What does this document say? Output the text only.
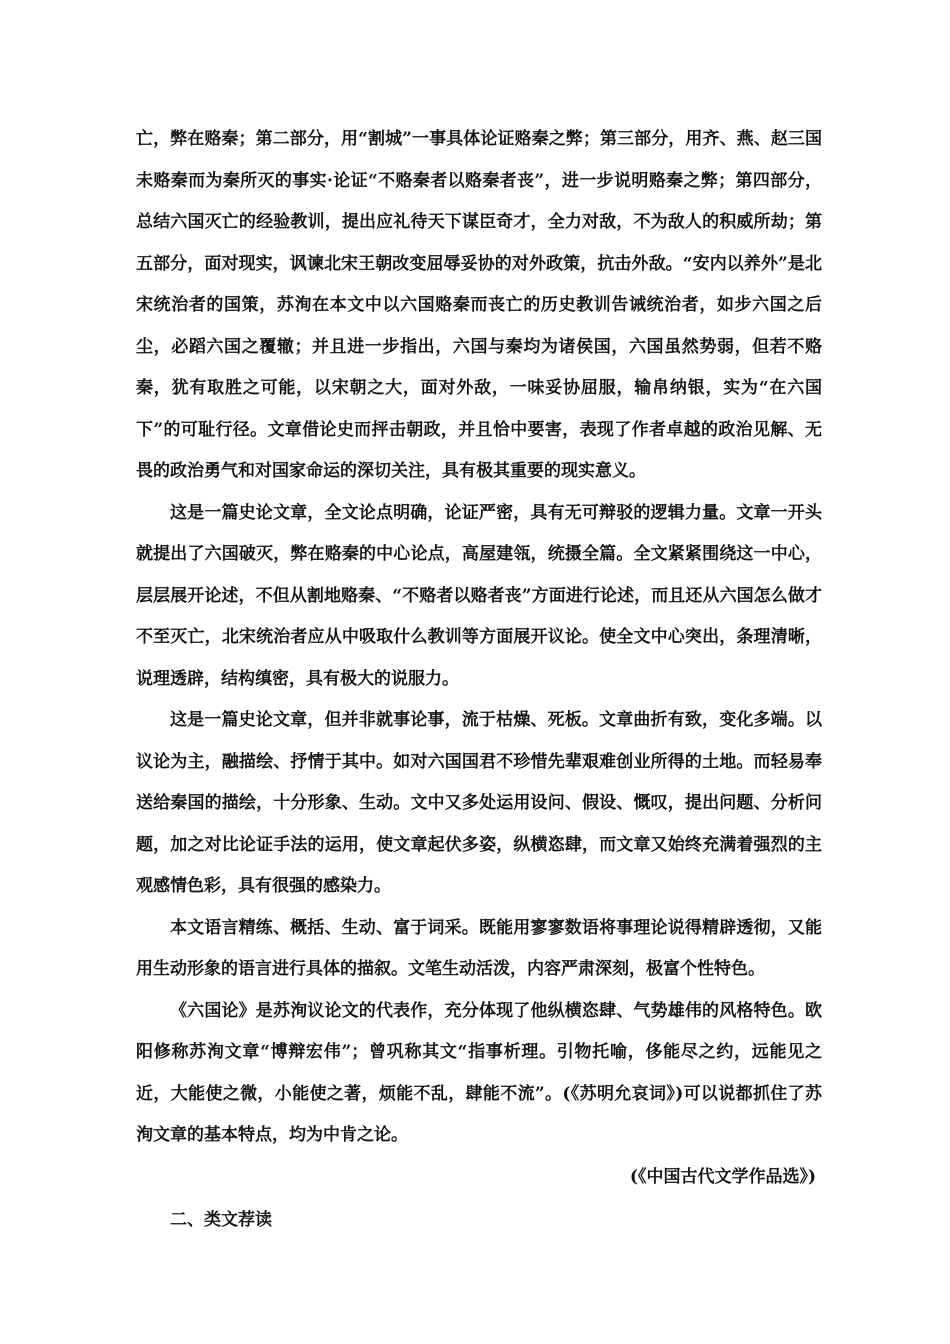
亡，弊在赂秦；第二部分，用“割城”一事具体论证赂秦之弊；第三部分，用齐、燕、赵三国未赂秦而为秦所灭的事实·论证“不赂秦者以赂秦者丧”，进一步说明赂秦之弊；第四部分，总结六国灭亡的经验教训，提出应礼待天下谋臣奇才，全力对敌，不为敌人的积威所劫；第五部分，面对现实，讽谏北宋王朝改变屈辱妥协的对外政策，抗击外敌。“安内以养外”是北宋统治者的国策，苏洵在本文中以六国赂秦而丧亡的历史教训告诫统治者，如步六国之后尘，必蹈六国之覆辙；并且进一步指出，六国与秦均为诸侯国，六国虽然势弱，但若不赂秦，犹有取胜之可能，以宋朝之大，面对外敌，一味妥协屈服，输帛纳银，实为“在六国下”的可耻行径。文章借论史而抨击朝政，并且恰中要害，表现了作者卓越的政治见解、无畏的政治勇气和对国家命运的深切关注，具有极其重要的现实意义。

这是一篇史论文章，全文论点明确，论证严密，具有无可辩驳的逻辑力量。文章一开头就提出了六国破灭，弊在赂秦的中心论点，高屋建瓴，统摄全篇。全文紧紧围绕这一中心，层层展开论述，不但从割地赂秦、“不赂者以赂者丧”方面进行论述，而且还从六国怎么做才不至灭亡，北宋统治者应从中吸取什么教训等方面展开议论。使全文中心突出，条理清晰，说理透辟，结构缜密，具有极大的说服力。

这是一篇史论文章，但并非就事论事，流于枯燥、死板。文章曲折有致，变化多端。以议论为主，融描绘、抒情于其中。如对六国国君不珍惜先辈艰难创业所得的土地。而轻易奉送给秦国的描绘，十分形象、生动。文中又多处运用设问、假设、慨叹，提出问题、分析问题，加之对比论证手法的运用，使文章起伏多姿，纵横恣肆，而文章又始终充满着强烈的主观感情色彩，具有很强的感染力。

本文语言精练、概括、生动、富于词采。既能用寥寥数语将事理论说得精辟透彻，又能用生动形象的语言进行具体的描叙。文笔生动活泼，内容严肃深刻，极富个性特色。

《六国论》是苏洵议论文的代表作，充分体现了他纵横恣肆、气势雄伟的风格特色。欧阳修称苏洵文章“博辩宏伟”；曾巩称其文“指事析理。引物托喻，侈能尽之约，远能见之近，大能使之微，小能使之著，烦能不乱，肆能不流”。(《苏明允哀词》)可以说都抓住了苏洵文章的基本特点，均为中肯之论。

(《中国古代文学作品选》)

二、类文荐读
